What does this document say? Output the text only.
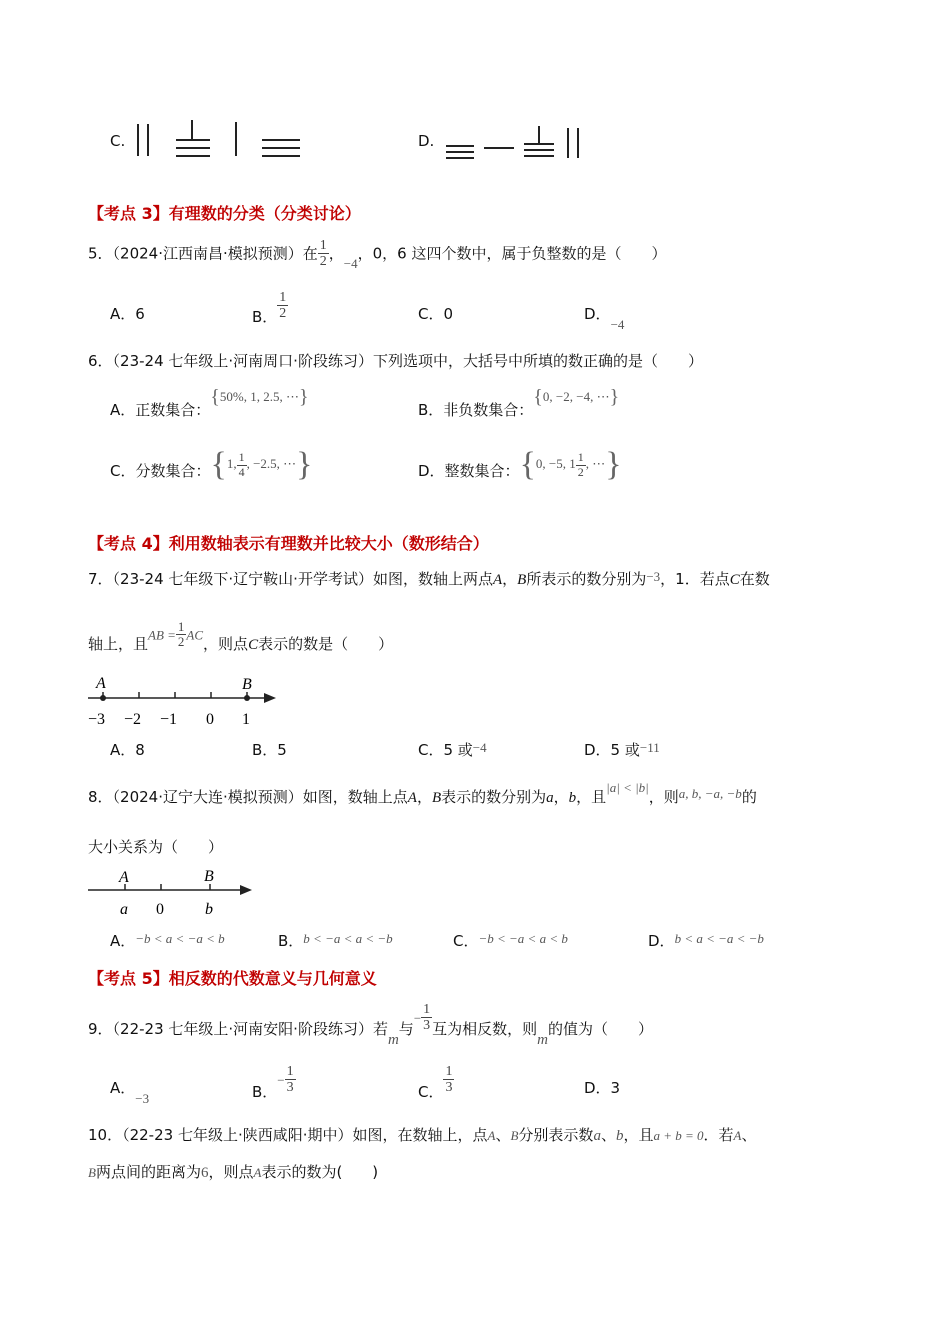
C.	D.
【考点 3】有理数的分类（分类讨论）
5．（2024·江西南昌·模拟预测）在 $\frac{1}{2}$ ，−4，0，6 这四个数中，属于负整数的是（　　）
A．6	B． $\frac{1}{2}$	C．0	D．−4
6．（23-24 七年级上·河南周口·阶段练习）下列选项中，大括号中所填的数正确的是（　　）
A．正数集合：{50%, 1, 2.5, ⋯}
B．非负数集合：{0, −2, −4, ⋯}
C．分数集合：{1, $\frac{1}{4}$ , −2.5, ⋯}	D．整数集合：{0, −5, $1 \frac{1}{2}$ , ⋯}
【考点 4】利用数轴表示有理数并比较大小（数形结合）
7．（23-24 七年级下·辽宁鞍山·开学考试）如图，数轴上两点A，B所表示的数分别为−3，1．若点C在数
轴上，且AB = $\frac{1}{2}$ AC，则点C表示的数是（　　）
A	B
−3 −2 −1 0 1
A．8	B．5	C．5 或−4	D．5 或−11
8．（2024·辽宁大连·模拟预测）如图，数轴上点A，B表示的数分别为a，b，且|a| < |b|，则a, b, −a, −b的
大小关系为（　　）
A	B
a 0	b
A．−b < a < −a < b	B．b < −a < a < −b	C．−b < −a < a < b	D．b < a < −a < −b
【考点 5】相反数的代数意义与几何意义
9．（22-23 七年级上·河南安阳·阶段练习）若m与− $\frac{1}{3}$ 互为相反数，则m的值为（　　）
A．−3	B．− $\frac{1}{3}$	C． $\frac{1}{3}$	D．3
10．（22-23 七年级上·陕西咸阳·期中）如图，在数轴上，点A、B分别表示数a、b，且a + b = 0．若A、
B两点间的距离为6，则点A表示的数为(　　)
